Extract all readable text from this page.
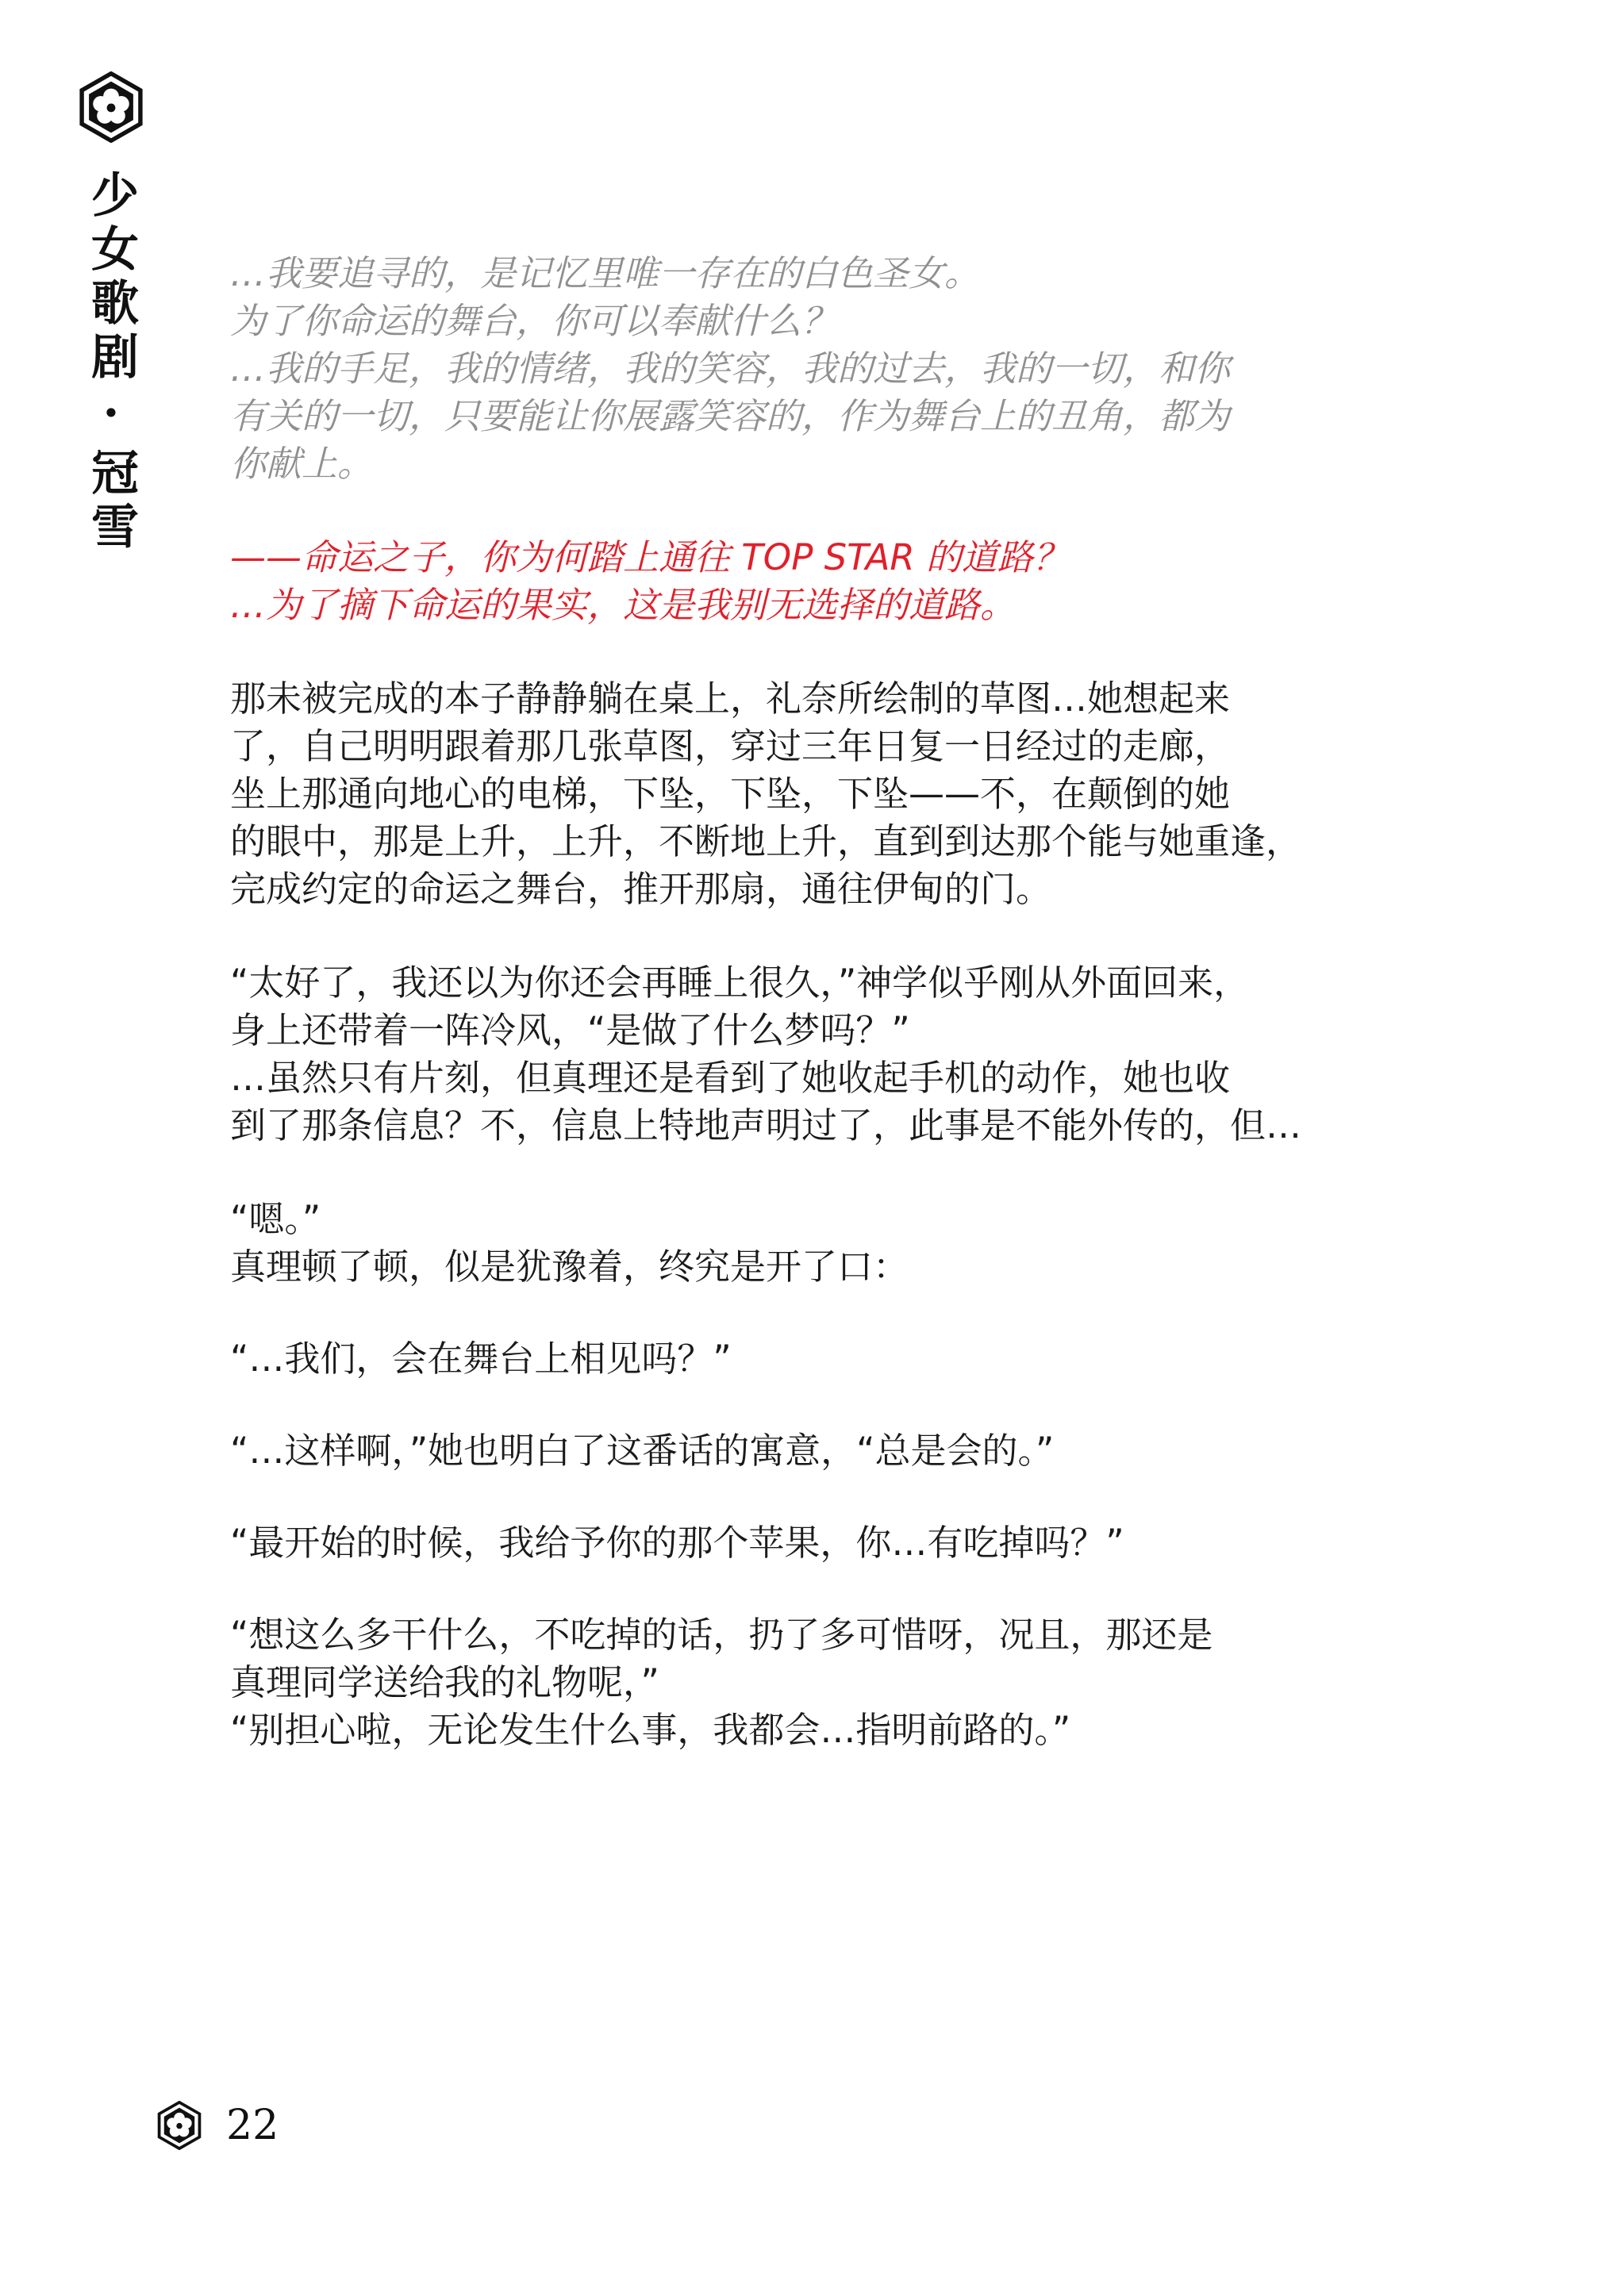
少女歌剧·冠雪	…我要追寻的，是记忆里唯一存在的白色圣女。

为了你命运的舞台，你可以奉献什么？

…我的手足，我的情绪，我的笑容，我的过去，我的一切，和你

有关的一切，只要能让你展露笑容的，作为舞台上的丑角，都为

你献上。

——命运之子，你为何踏上通往 TOP STAR 的道路？

…为了摘下命运的果实，这是我别无选择的道路。

那未被完成的本子静静躺在桌上，礼奈所绘制的草图…她想起来

了，自己明明跟着那几张草图，穿过三年日复一日经过的走廊，

坐上那通向地心的电梯，下坠，下坠，下坠——不，在颠倒的她

的眼中，那是上升，上升，不断地上升，直到到达那个能与她重逢，

完成约定的命运之舞台，推开那扇，通往伊甸的门。

“太好了，我还以为你还会再睡上很久，”神学似乎刚从外面回来，

身上还带着一阵冷风，“是做了什么梦吗？”

…虽然只有片刻，但真理还是看到了她收起手机的动作，她也收

到了那条信息？不，信息上特地声明过了，此事是不能外传的，但…

“嗯。”

真理顿了顿，似是犹豫着，终究是开了口：

“…我们，会在舞台上相见吗？”

“…这样啊，”她也明白了这番话的寓意，“总是会的。”

“最开始的时候，我给予你的那个苹果，你…有吃掉吗？”

“想这么多干什么，不吃掉的话，扔了多可惜呀，况且，那还是

真理同学送给我的礼物呢，”

“别担心啦，无论发生什么事，我都会…指明前路的。”

22
